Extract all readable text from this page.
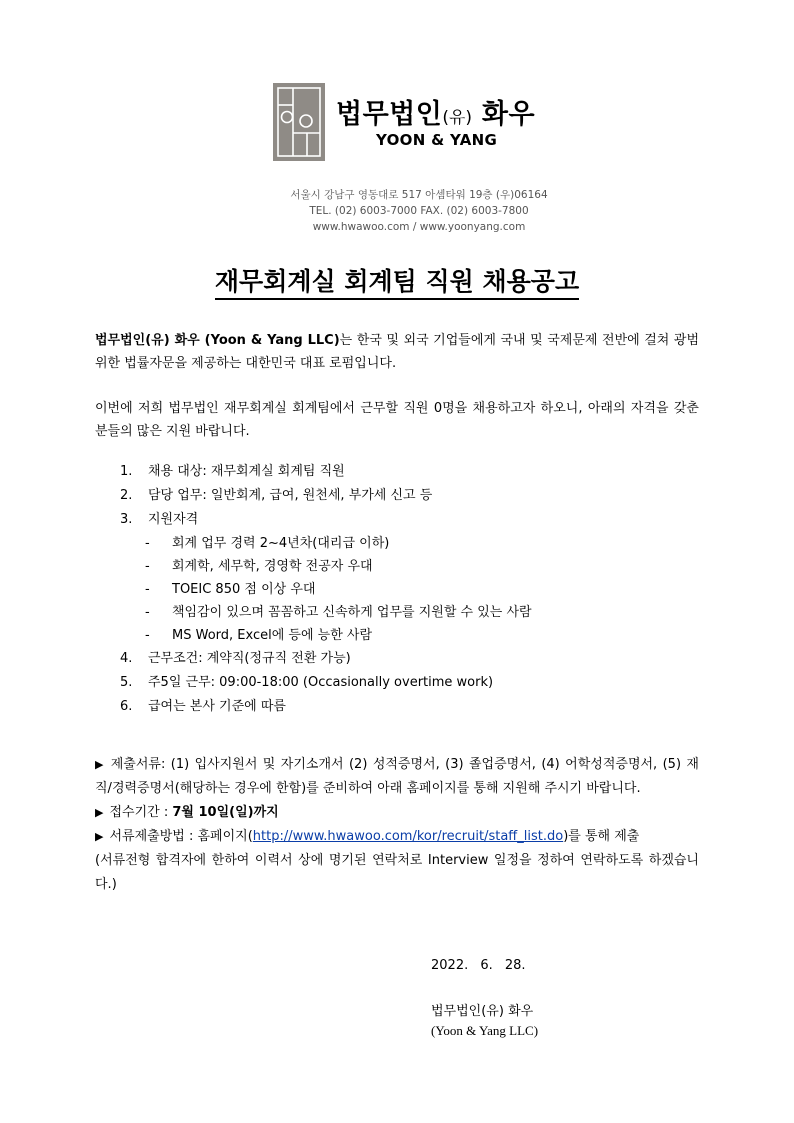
법무법인(유) 화우
YOON & YANG
서울시 강남구 영동대로 517 아셈타워 19층 (우)06164
TEL. (02) 6003-7000 FAX. (02) 6003-7800
www.hwawoo.com / www.yoonyang.com
재무회계실 회계팀 직원 채용공고
법무법인(유) 화우 (Yoon & Yang LLC)는 한국 및 외국 기업들에게 국내 및 국제문제 전반에 걸쳐 광범위한 법률자문을 제공하는 대한민국 대표 로펌입니다.
이번에 저희 법무법인 재무회계실 회계팀에서 근무할 직원 0명을 채용하고자 하오니, 아래의 자격을 갖춘 분들의 많은 지원 바랍니다.
1.	채용 대상: 재무회계실 회계팀 직원
2.	담당 업무: 일반회계, 급여, 원천세, 부가세 신고 등
3.	지원자격
-	회계 업무 경력 2~4년차(대리급 이하)
-	회계학, 세무학, 경영학 전공자 우대
-	TOEIC 850 점 이상 우대
-	책임감이 있으며 꼼꼼하고 신속하게 업무를 지원할 수 있는 사람
-	MS Word, Excel에 등에 능한 사람
4.	근무조건: 계약직(정규직 전환 가능)
5.	주5일 근무: 09:00-18:00 (Occasionally overtime work)
6.	급여는 본사 기준에 따름
▶ 제출서류: (1) 입사지원서 및 자기소개서 (2) 성적증명서, (3) 졸업증명서, (4) 어학성적증명서, (5) 재직/경력증명서(해당하는 경우에 한함)를 준비하여 아래 홈페이지를 통해 지원해 주시기 바랍니다.
▶ 접수기간 : 7월 10일(일)까지
▶ 서류제출방법 : 홈페이지(http://www.hwawoo.com/kor/recruit/staff_list.do)를 통해 제출
(서류전형 합격자에 한하여 이력서 상에 명기된 연락처로 Interview 일정을 정하여 연락하도록 하겠습니다.)
2022. 6. 28.
법무법인(유) 화우
(Yoon & Yang LLC)
